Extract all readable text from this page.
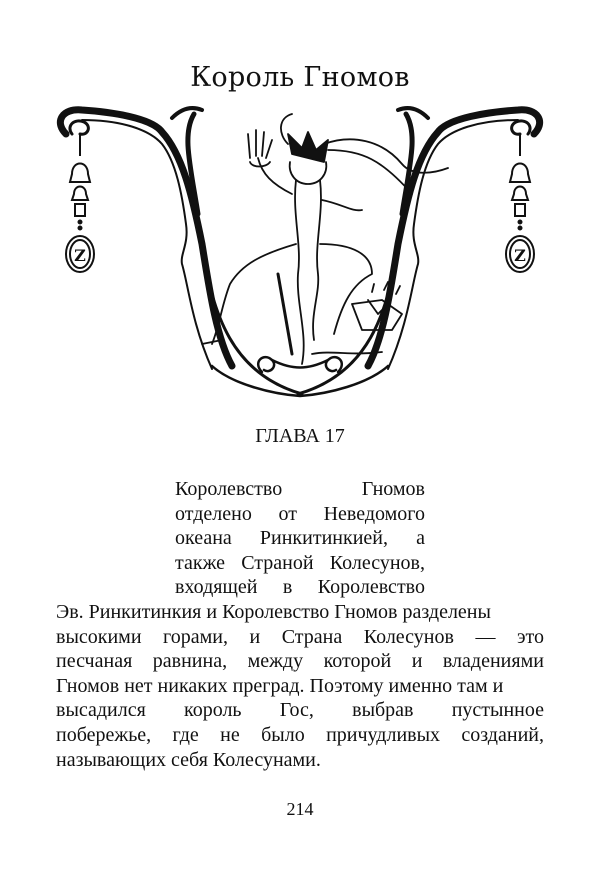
Король Гномов
Z	Z
ГЛАВА 17
Королевство	Гномов
отделено от Неведомого
океана Ринкитинкией, а
также Страной Колесунов,
входящей в Королевство
Эв. Ринкитинкия и Королевство Гномов разделены
высокими горами, и Страна Колесунов — это
песчаная равнина, между которой и владениями
Гномов нет никаких преград. Поэтому именно там и
высадился король Гос, выбрав пустынное
побережье, где не было причудливых созданий,
называющих себя Колесунами.
214
